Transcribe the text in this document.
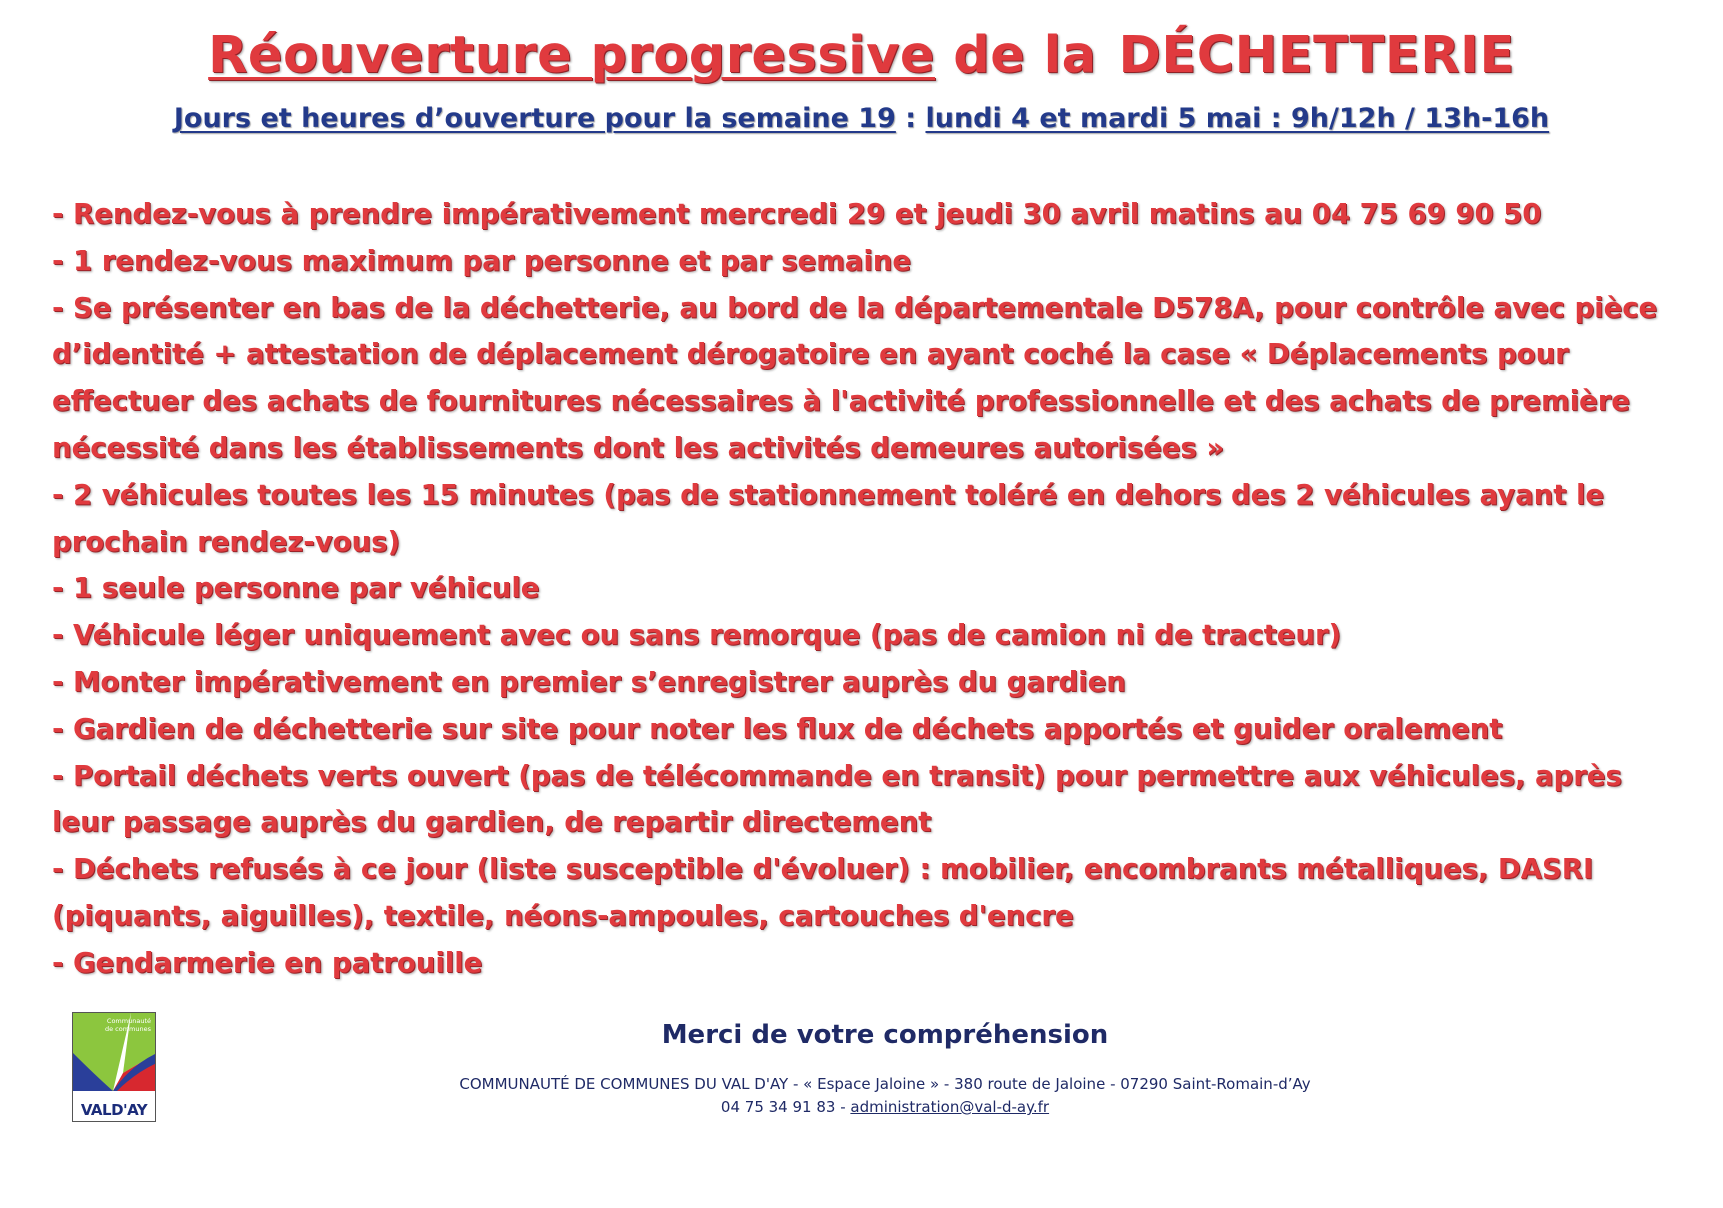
Réouverture progressive de la DÉCHETTERIE
Jours et heures d’ouverture pour la semaine 19 : lundi 4 et mardi 5 mai : 9h/12h / 13h-16h

- Rendez-vous à prendre impérativement mercredi 29 et jeudi 30 avril matins au 04 75 69 90 50

- 1 rendez-vous maximum par personne et par semaine

- Se présenter en bas de la déchetterie, au bord de la départementale D578A, pour contrôle avec pièce d’identité + attestation de déplacement dérogatoire en ayant coché la case « Déplacements pour effectuer des achats de fournitures nécessaires à l'activité professionnelle et des achats de première nécessité dans les établissements dont les activités demeures autorisées »

- 2 véhicules toutes les 15 minutes (pas de stationnement toléré en dehors des 2 véhicules ayant le prochain rendez-vous)

- 1 seule personne par véhicule

- Véhicule léger uniquement avec ou sans remorque (pas de camion ni de tracteur)

- Monter impérativement en premier s’enregistrer auprès du gardien

- Gardien de déchetterie sur site pour noter les flux de déchets apportés et guider oralement

- Portail déchets verts ouvert (pas de télécommande en transit) pour permettre aux véhicules, après leur passage auprès du gardien, de repartir directement

- Déchets refusés à ce jour (liste susceptible d'évoluer) : mobilier, encombrants métalliques, DASRI (piquants, aiguilles), textile, néons-ampoules, cartouches d'encre

- Gendarmerie en patrouille

Communauté
de communes
VALD'AY
Merci de votre compréhension
COMMUNAUTÉ DE COMMUNES DU VAL D'AY - « Espace Jaloine » - 380 route de Jaloine - 07290 Saint-Romain-d’Ay
04 75 34 91 83 - administration@val-d-ay.fr
